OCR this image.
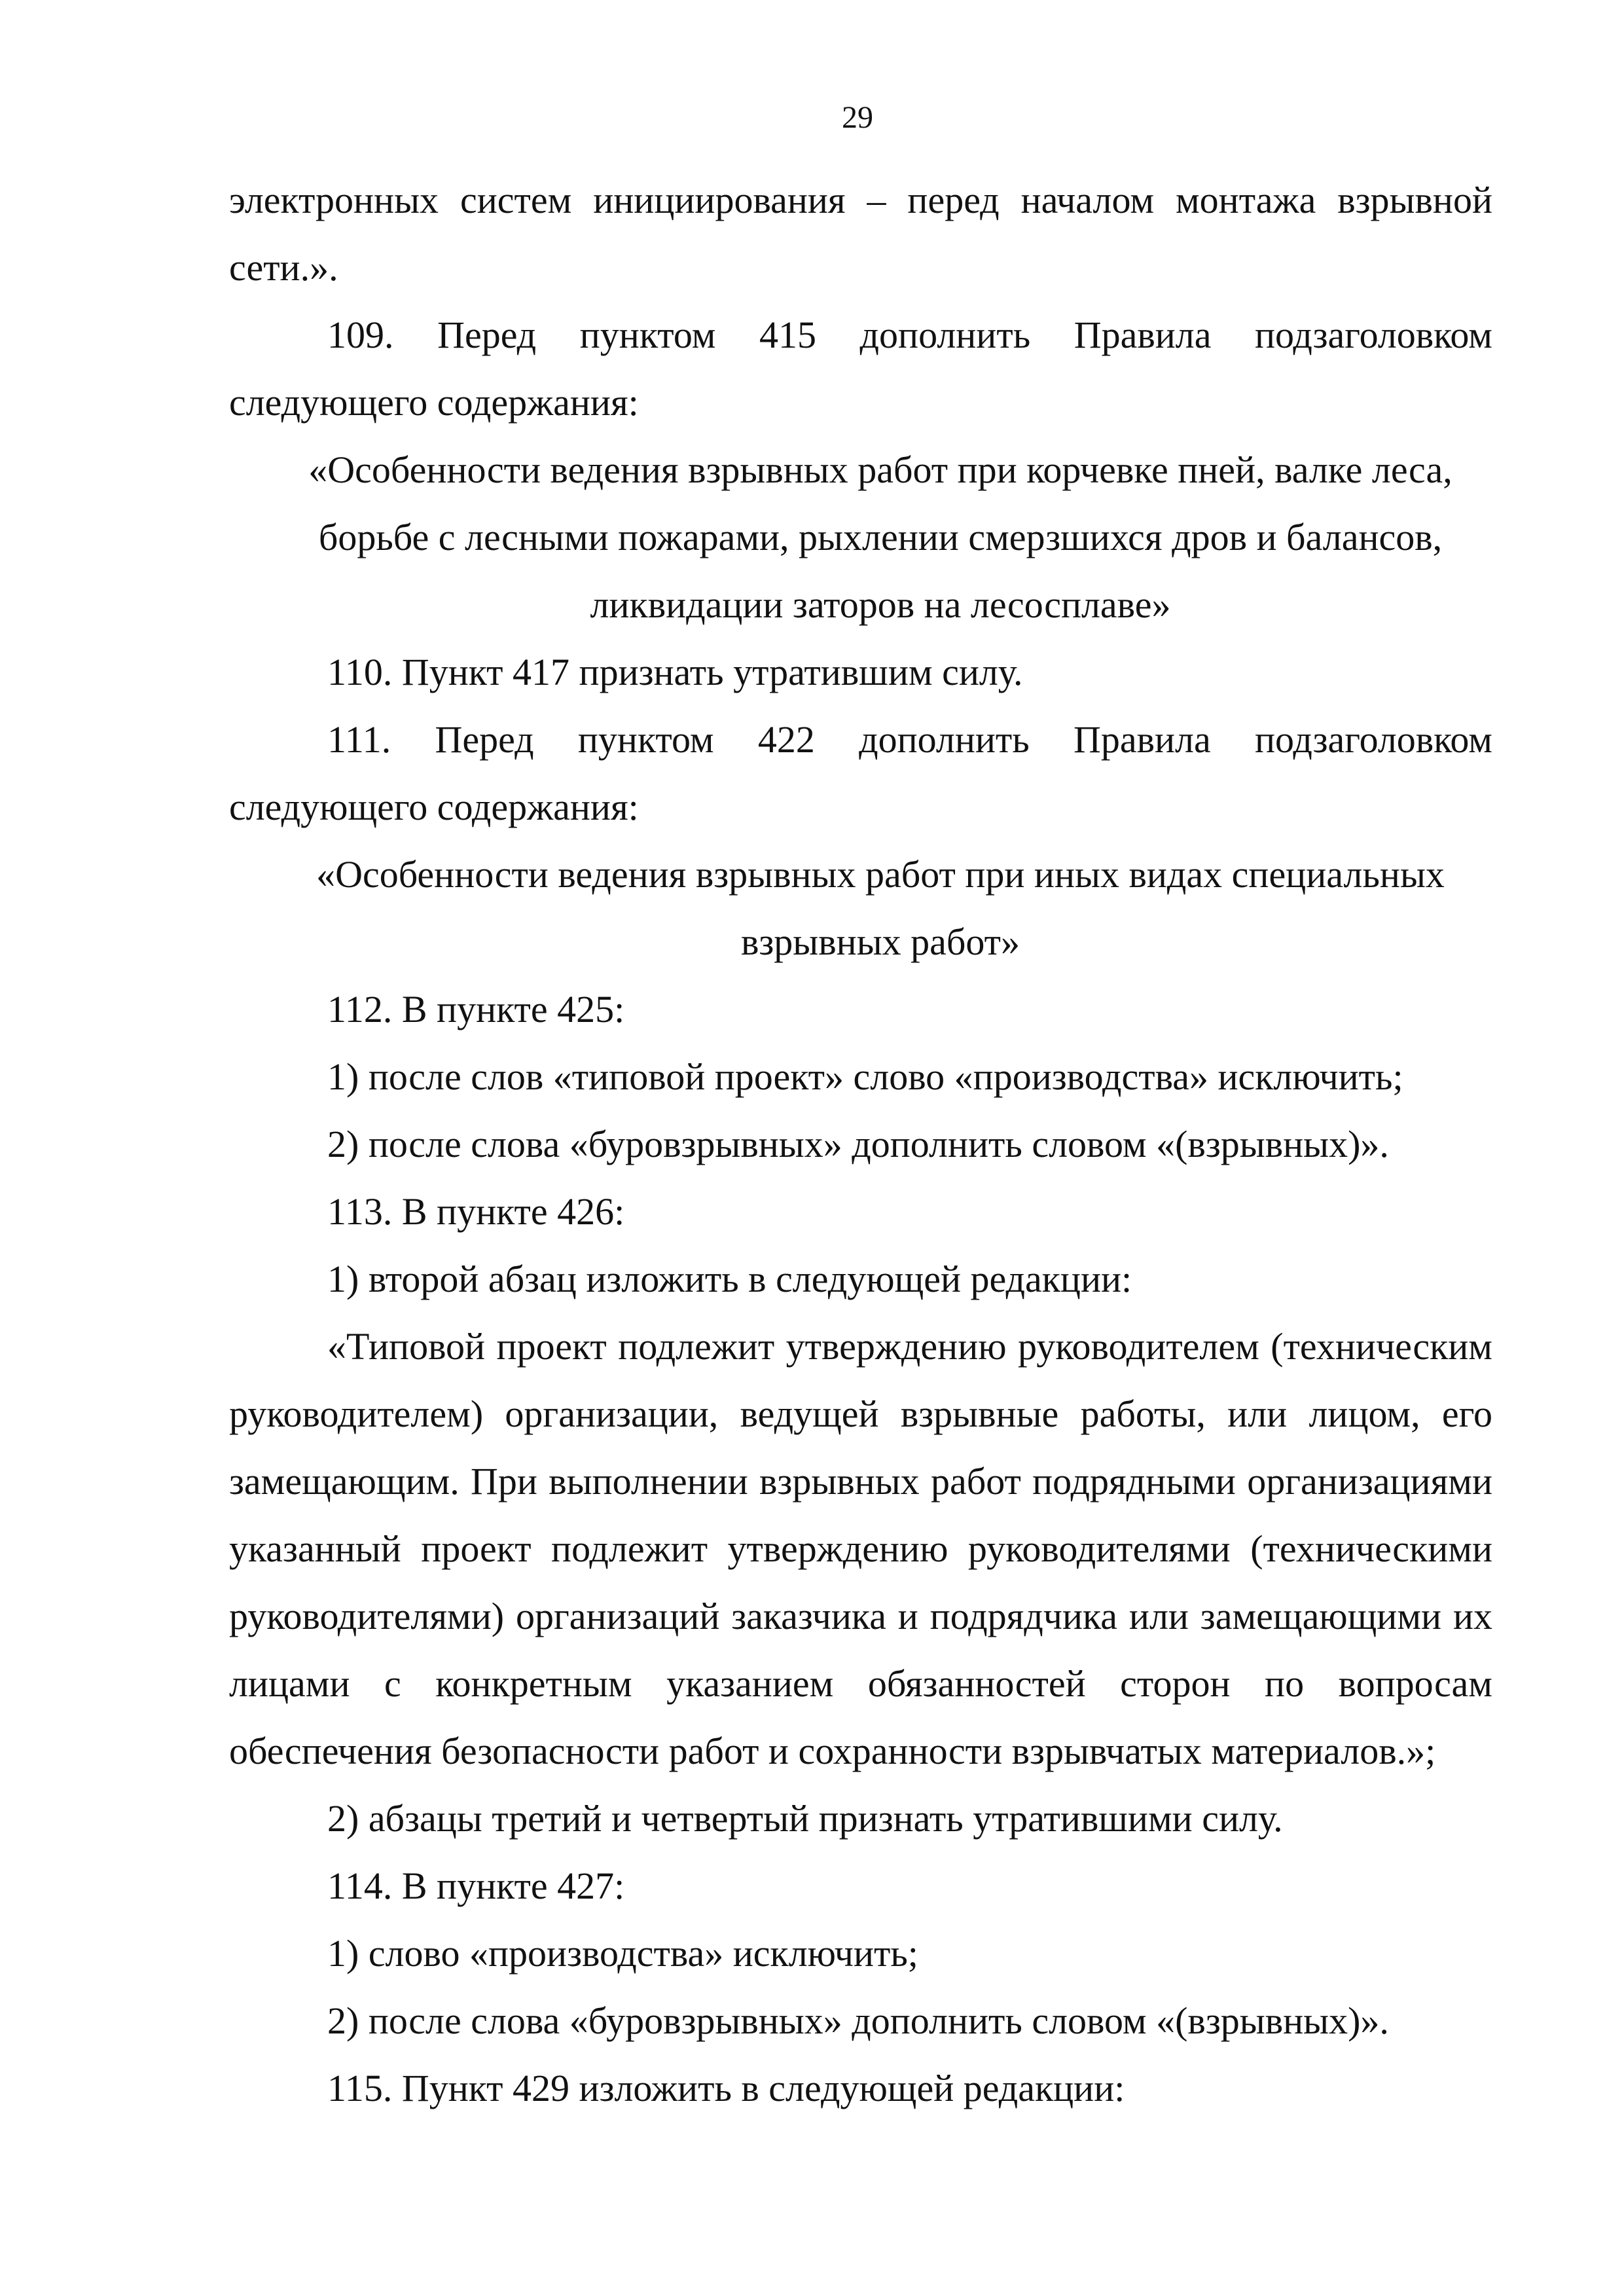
29
электронных систем инициирования – перед началом монтажа взрывной
сети.».
109. Перед пунктом 415 дополнить Правила подзаголовком
следующего содержания:
«Особенности ведения взрывных работ при корчевке пней, валке леса,
борьбе с лесными пожарами, рыхлении смерзшихся дров и балансов,
ликвидации заторов на лесосплаве»
110. Пункт 417 признать утратившим силу.
111. Перед пунктом 422 дополнить Правила подзаголовком
следующего содержания:
«Особенности ведения взрывных работ при иных видах специальных
взрывных работ»
112. В пункте 425:
1) после слов «типовой проект» слово «производства» исключить;
2) после слова «буровзрывных» дополнить словом «(взрывных)».
113. В пункте 426:
1) второй абзац изложить в следующей редакции:
«Типовой проект подлежит утверждению руководителем (техническим
руководителем) организации, ведущей взрывные работы, или лицом, его
замещающим. При выполнении взрывных работ подрядными организациями
указанный проект подлежит утверждению руководителями (техническими
руководителями) организаций заказчика и подрядчика или замещающими их
лицами с конкретным указанием обязанностей сторон по вопросам
обеспечения безопасности работ и сохранности взрывчатых материалов.»;
2) абзацы третий и четвертый признать утратившими силу.
114. В пункте 427:
1) слово «производства» исключить;
2) после слова «буровзрывных» дополнить словом «(взрывных)».
115. Пункт 429 изложить в следующей редакции:
